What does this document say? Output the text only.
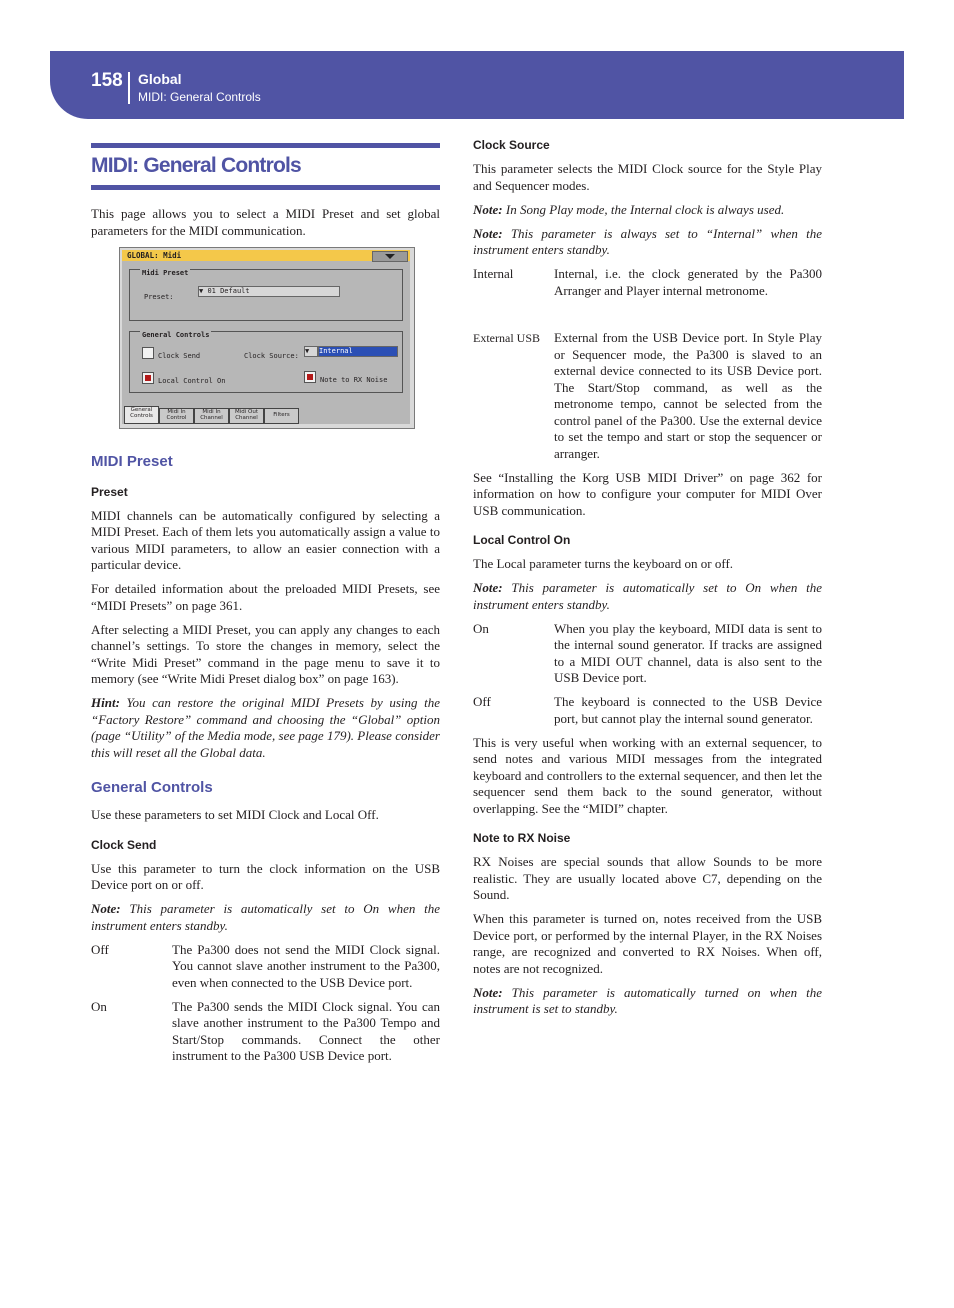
158 Global
MIDI: General Controls
MIDI: General Controls

This page allows you to select a MIDI Preset and set global parameters for the MIDI communication.

GLOBAL: Midi
Midi Preset
Preset:
▼ 01 Default
General Controls
Clock Send	Clock Source:
▼	Internal
Local Control On	Note to RX Noise
General
Controls
Midi In
Control
Midi In
Channel
Midi Out
Channel
Filters
MIDI Preset
Preset

MIDI channels can be automatically configured by selecting a MIDI Preset. Each of them lets you automatically assign a value to various MIDI parameters, to allow an easier connection with a particular device.

For detailed information about the preloaded MIDI Presets, see “MIDI Presets” on page 361.

After selecting a MIDI Preset, you can apply any changes to each channel’s settings. To store the changes in memory, select the “Write Midi Preset” command in the page menu to save it to memory (see “Write Midi Preset dialog box” on page 163).

Hint: You can restore the original MIDI Presets by using the “Factory Restore” command and choosing the “Global” option (page “Utility” of the Media mode, see page 179). Please consider this will reset all the Global data.

General Controls

Use these parameters to set MIDI Clock and Local Off.

Clock Send

Use this parameter to turn the clock information on the USB Device port on or off.

Note: This parameter is automatically set to On when the instrument enters standby.

Off	The Pa300 does not send the MIDI Clock signal. You cannot slave another instrument to the Pa300, even when connected to the USB Device port.
On	The Pa300 sends the MIDI Clock signal. You can slave another instrument to the Pa300 Tempo and Start/Stop commands. Connect the other instrument to the Pa300 USB Device port.
Clock Source

This parameter selects the MIDI Clock source for the Style Play and Sequencer modes.

Note: In Song Play mode, the Internal clock is always used.

Note: This parameter is always set to “Internal” when the instrument enters standby.

Internal	Internal, i.e. the clock generated by the Pa300 Arranger and Player internal metronome.
External USB	External from the USB Device port. In Style Play or Sequencer mode, the Pa300 is slaved to an external device connected to its USB Device port. The Start/Stop command, as well as the metronome tempo, cannot be selected from the control panel of the Pa300. Use the external device to set the tempo and start or stop the sequencer or arranger.

See “Installing the Korg USB MIDI Driver” on page 362 for information on how to configure your computer for MIDI Over USB communication.

Local Control On

The Local parameter turns the keyboard on or off.

Note: This parameter is automatically set to On when the instrument enters standby.

On	When you play the keyboard, MIDI data is sent to the internal sound generator. If tracks are assigned to a MIDI OUT channel, data is also sent to the USB Device port.
Off	The keyboard is connected to the USB Device port, but cannot play the internal sound generator.

This is very useful when working with an external sequencer, to send notes and various MIDI messages from the integrated keyboard and controllers to the external sequencer, and then let the sequencer send them back to the sound generator, without overlapping. See the “MIDI” chapter.

Note to RX Noise

RX Noises are special sounds that allow Sounds to be more realistic. They are usually located above C7, depending on the Sound.

When this parameter is turned on, notes received from the USB Device port, or performed by the internal Player, in the RX Noises range, are recognized and converted to RX Noises. When off, notes are not recognized.

Note: This parameter is automatically turned on when the instrument is set to standby.
